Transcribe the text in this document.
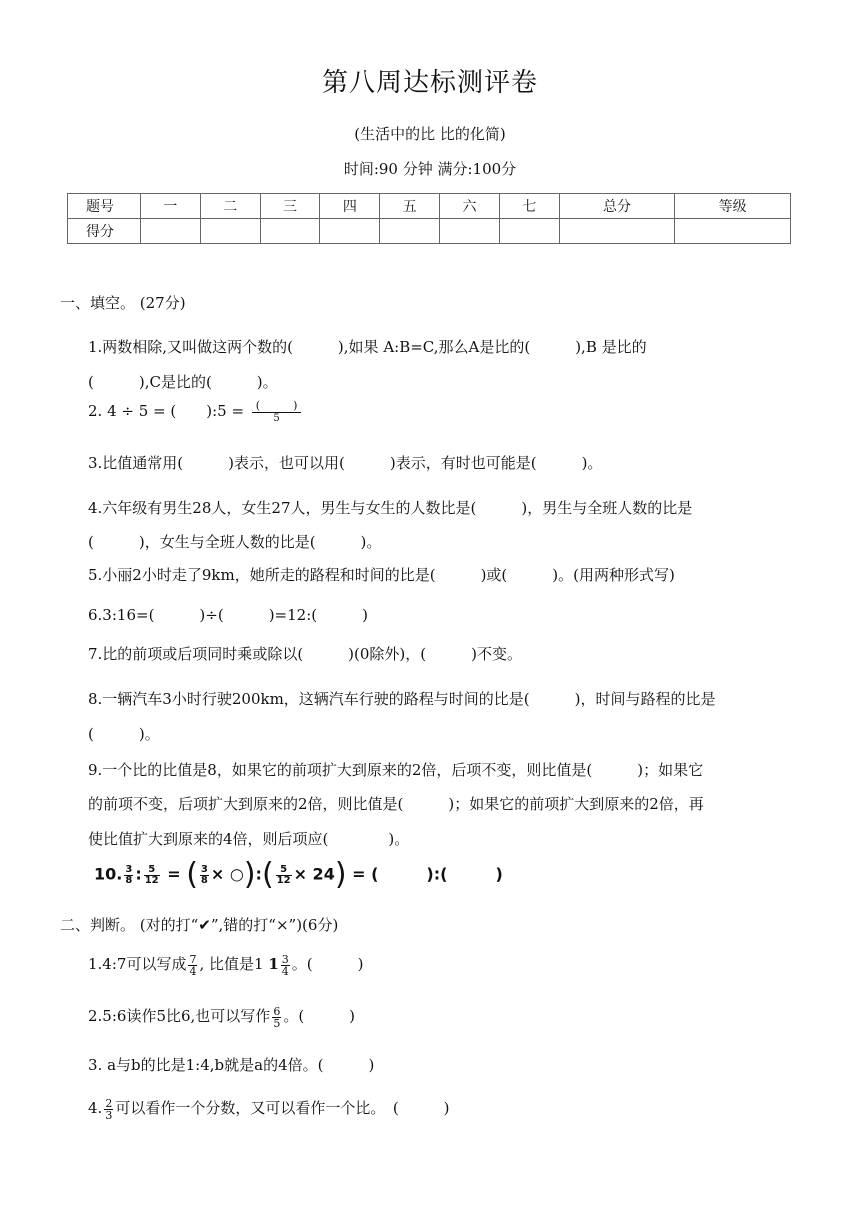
第八周达标测评卷
(生活中的比 比的化简)
时间:90 分钟 满分:100分
题号	一	二	三	四	五	六	七	总分	等级
得分									
一、填空。 (27分)
1.两数相除,又叫做这两个数的(　　　),如果 A:B=C,那么A是比的(　　　),B 是比的
(　　　),C是比的(　　　)。
2. 4 ÷ 5 = (　　):5 =	(　　　)
5
3.比值通常用(　　　)表示，也可以用(　　　)表示，有时也可能是(　　　)。
4.六年级有男生28人，女生27人，男生与女生的人数比是(　　　)，男生与全班人数的比是
(　　　)，女生与全班人数的比是(　　　)。
5.小丽2小时走了9km，她所走的路程和时间的比是(　　　)或(　　　)。(用两种形式写)
6.3:16=(　　　)÷(　　　)=12:(　　　)
7.比的前项或后项同时乘或除以(　　　)(0除外)，(　　　)不变。
8.一辆汽车3小时行驶200km，这辆汽车行驶的路程与时间的比是(　　　)，时间与路程的比是
(　　　)。
9.一个比的比值是8，如果它的前项扩大到原来的2倍，后项不变，则比值是(　　　)；如果它
的前项不变，后项扩大到原来的2倍，则比值是(　　　)；如果它的前项扩大到原来的2倍，再
使比值扩大到原来的4倍，则后项应(　　　　)。
10. $\frac{3}{8}$ : $\frac{5}{12}$ = ( $\frac{3}{8}$ × ○):( $\frac{5}{12} \times 24$) = (　　　):(　　　)
二、判断。 (对的打“✔”,错的打“×”)(6分)
1.4:7可以写成 $\frac{7}{4}$ , 比值是1 $1 \frac{3}{4}$ 。(　　　)
2.5:6读作5比6,也可以写作 $\frac{6}{5}$ 。(　　　)
3. a与b的比是1:4,b就是a的4倍。(　　　)
4. $\frac{2}{3}$ 可以看作一个分数，又可以看作一个比。　(　　　)
